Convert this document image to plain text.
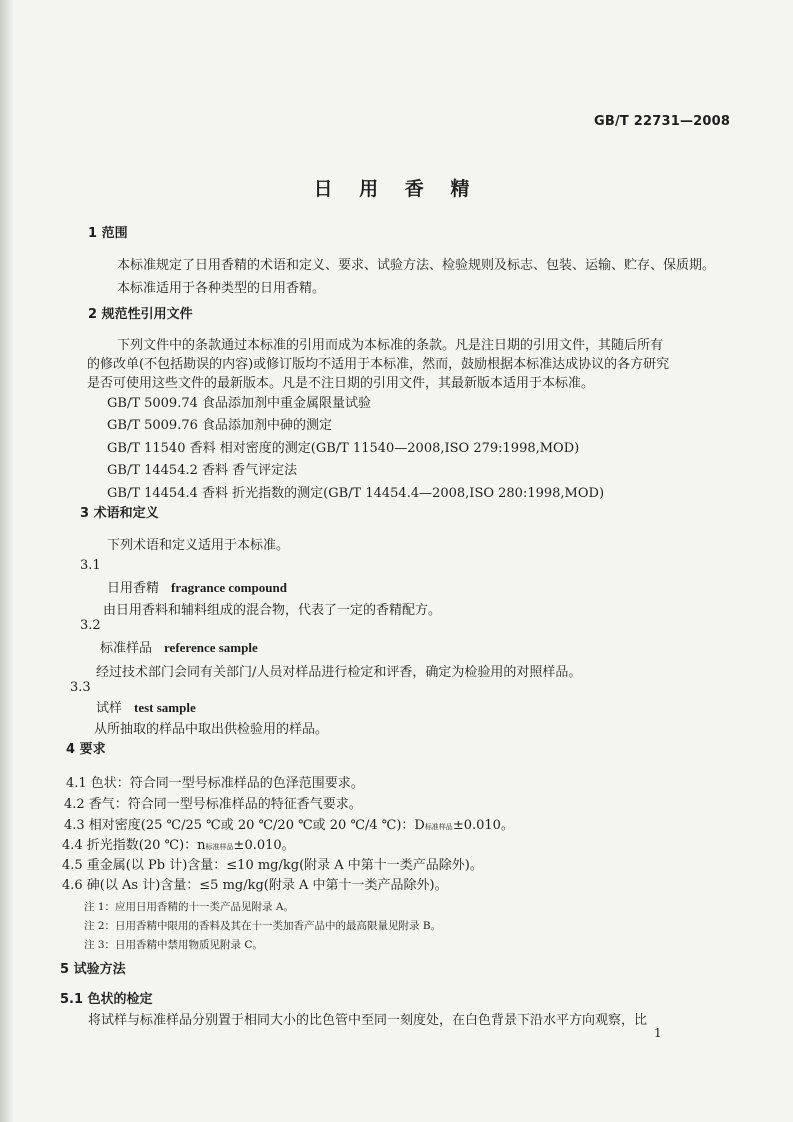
GB/T 22731—2008
日 用 香 精
1 范围
本标准规定了日用香精的术语和定义、要求、试验方法、检验规则及标志、包装、运输、贮存、保质期。
本标准适用于各种类型的日用香精。
2 规范性引用文件
下列文件中的条款通过本标准的引用而成为本标准的条款。凡是注日期的引用文件，其随后所有
的修改单(不包括勘误的内容)或修订版均不适用于本标准，然而，鼓励根据本标准达成协议的各方研究
是否可使用这些文件的最新版本。凡是不注日期的引用文件，其最新版本适用于本标准。
GB/T 5009.74 食品添加剂中重金属限量试验
GB/T 5009.76 食品添加剂中砷的测定
GB/T 11540 香料 相对密度的测定(GB/T 11540—2008,ISO 279:1998,MOD)
GB/T 14454.2 香料 香气评定法
GB/T 14454.4 香料 折光指数的测定(GB/T 14454.4—2008,ISO 280:1998,MOD)
3 术语和定义
下列术语和定义适用于本标准。
3.1
日用香精 fragrance compound
由日用香料和辅料组成的混合物，代表了一定的香精配方。
3.2
标准样品 reference sample
经过技术部门会同有关部门/人员对样品进行检定和评香，确定为检验用的对照样品。
3.3
试样 test sample
从所抽取的样品中取出供检验用的样品。
4 要求
4.1 色状：符合同一型号标准样品的色泽范围要求。
4.2 香气：符合同一型号标准样品的特征香气要求。
4.3 相对密度(25 ℃/25 ℃或 20 ℃/20 ℃或 20 ℃/4 ℃)：D标准样品±0.010。
4.4 折光指数(20 ℃)：n标准样品±0.010。
4.5 重金属(以 Pb 计)含量：≤10 mg/kg(附录 A 中第十一类产品除外)。
4.6 砷(以 As 计)含量：≤5 mg/kg(附录 A 中第十一类产品除外)。
注 1：应用日用香精的十一类产品见附录 A。
注 2：日用香精中限用的香料及其在十一类加香产品中的最高限量见附录 B。
注 3：日用香精中禁用物质见附录 C。
5 试验方法
5.1 色状的检定
将试样与标准样品分别置于相同大小的比色管中至同一刻度处，在白色背景下沿水平方向观察，比
1
